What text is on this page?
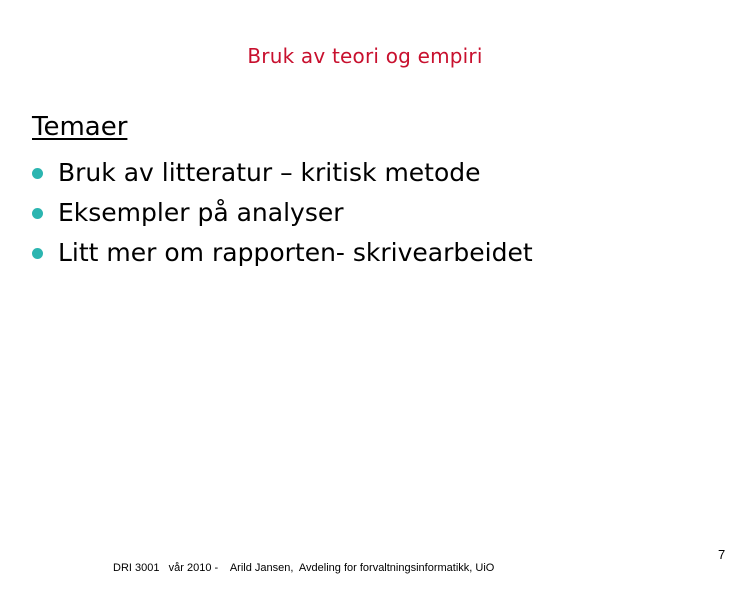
Bruk av teori og empiri
Temaer
Bruk av litteratur – kritisk metode
Eksempler på analyser
Litt mer om rapporten- skrivearbeidet
DRI 3001 vår 2010 - Arild Jansen,  Avdeling for forvaltningsinformatikk, UiO
7
